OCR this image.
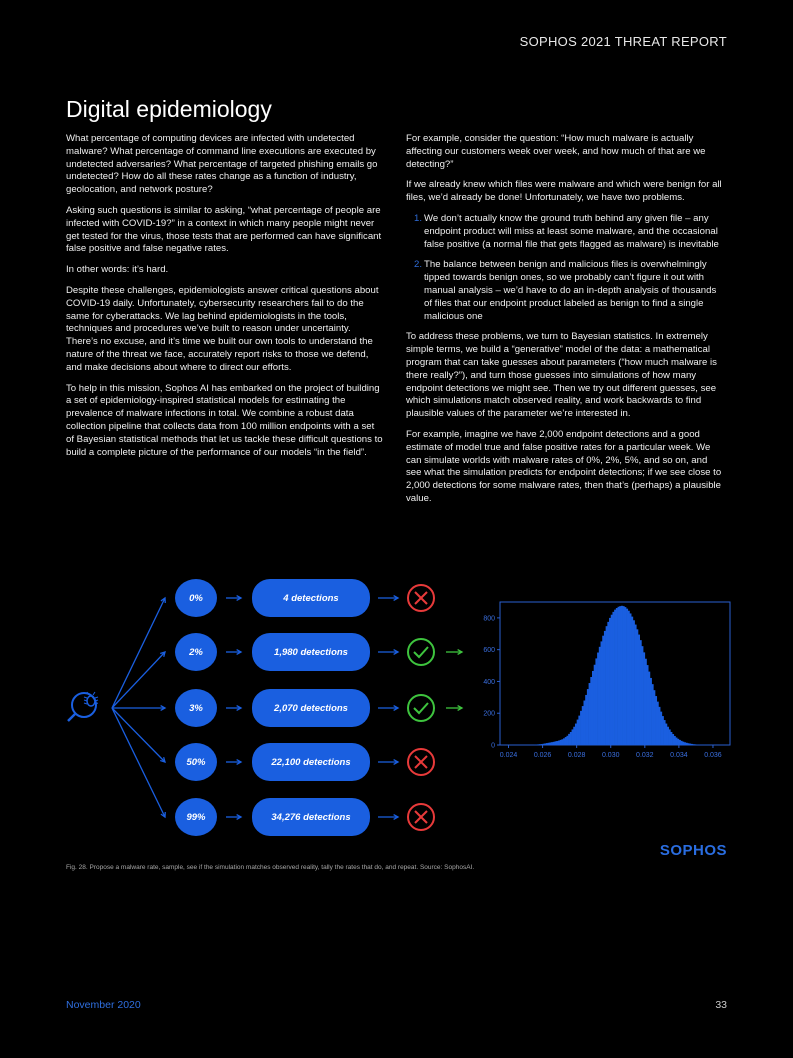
SOPHOS 2021 THREAT REPORT
Digital epidemiology

What percentage of computing devices are infected with undetected malware? What percentage of command line executions are executed by undetected adversaries? What percentage of targeted phishing emails go undetected? How do all these rates change as a function of industry, geolocation, and network posture?

Asking such questions is similar to asking, “what percentage of people are infected with COVID-19?” in a context in which many people might never get tested for the virus, those tests that are performed can have significant false positive and false negative rates.

In other words: it’s hard.

Despite these challenges, epidemiologists answer critical questions about COVID-19 daily. Unfortunately, cybersecurity researchers fail to do the same for cyberattacks. We lag behind epidemiologists in the tools, techniques and procedures we’ve built to reason under uncertainty. There’s no excuse, and it’s time we built our own tools to understand the nature of the threat we face, accurately report risks to those we defend, and make decisions about where to direct our efforts.

To help in this mission, Sophos AI has embarked on the project of building a set of epidemiology-inspired statistical models for estimating the prevalence of malware infections in total. We combine a robust data collection pipeline that collects data from 100 million endpoints with a set of Bayesian statistical methods that let us tackle these difficult questions to build a complete picture of the performance of our models “in the field”.

For example, consider the question: “How much malware is actually affecting our customers week over week, and how much of that are we detecting?”

If we already knew which files were malware and which were benign for all files, we’d already be done! Unfortunately, we have two problems.

1. We don’t actually know the ground truth behind any given file – any endpoint product will miss at least some malware, and the occasional false positive (a normal file that gets flagged as malware) is inevitable
2. The balance between benign and malicious files is overwhelmingly tipped towards benign ones, so we probably can’t figure it out with manual analysis – we’d have to do an in-depth analysis of thousands of files that our endpoint product labeled as benign to find a single malicious one

To address these problems, we turn to Bayesian statistics. In extremely simple terms, we build a “generative” model of the data: a mathematical program that can take guesses about parameters (“how much malware is there really?”), and turn those guesses into simulations of how many endpoint detections we might see. Then we try out different guesses, see which simulations match observed reality, and work backwards to find plausible values of the parameter we’re interested in.

For example, imagine we have 2,000 endpoint detections and a good estimate of model true and false positive rates for a particular week. We can simulate worlds with malware rates of 0%, 2%, 5%, and so on, and see what the simulation predicts for endpoint detections; if we see close to 2,000 detections for some malware rates, then that’s (perhaps) a plausible value.

0%	4 detections
2%	1,980 detections
3%	2,070 detections
50%	22,100 detections
99%	34,276 detections
0.024 0.026 0.028 0.030 0.032 0.034 0.036
0
200
400
600
800
SOPHOS
Fig. 28. Propose a malware rate, sample, see if the simulation matches observed reality, tally the rates that do, and repeat. Source: SophosAI.
November 2020	33
